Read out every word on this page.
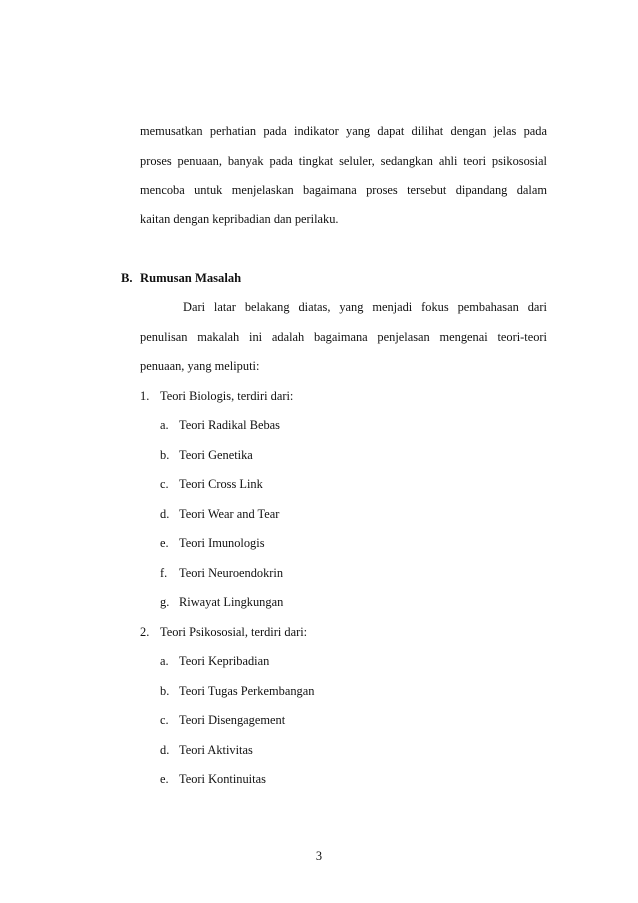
memusatkan perhatian pada indikator yang dapat dilihat dengan jelas pada
proses penuaan, banyak pada tingkat seluler, sedangkan ahli teori psikososial
mencoba untuk menjelaskan bagaimana proses tersebut dipandang dalam
kaitan dengan kepribadian dan perilaku.
B. Rumusan Masalah
Dari latar belakang diatas, yang menjadi fokus pembahasan dari
penulisan makalah ini adalah bagaimana penjelasan mengenai teori-teori
penuaan, yang meliputi:
1. Teori Biologis, terdiri dari:
a. Teori Radikal Bebas
b. Teori Genetika
c. Teori Cross Link
d. Teori Wear and Tear
e. Teori Imunologis
f. Teori Neuroendokrin
g. Riwayat Lingkungan
2. Teori Psikososial, terdiri dari:
a. Teori Kepribadian
b. Teori Tugas Perkembangan
c. Teori Disengagement
d. Teori Aktivitas
e. Teori Kontinuitas
3
